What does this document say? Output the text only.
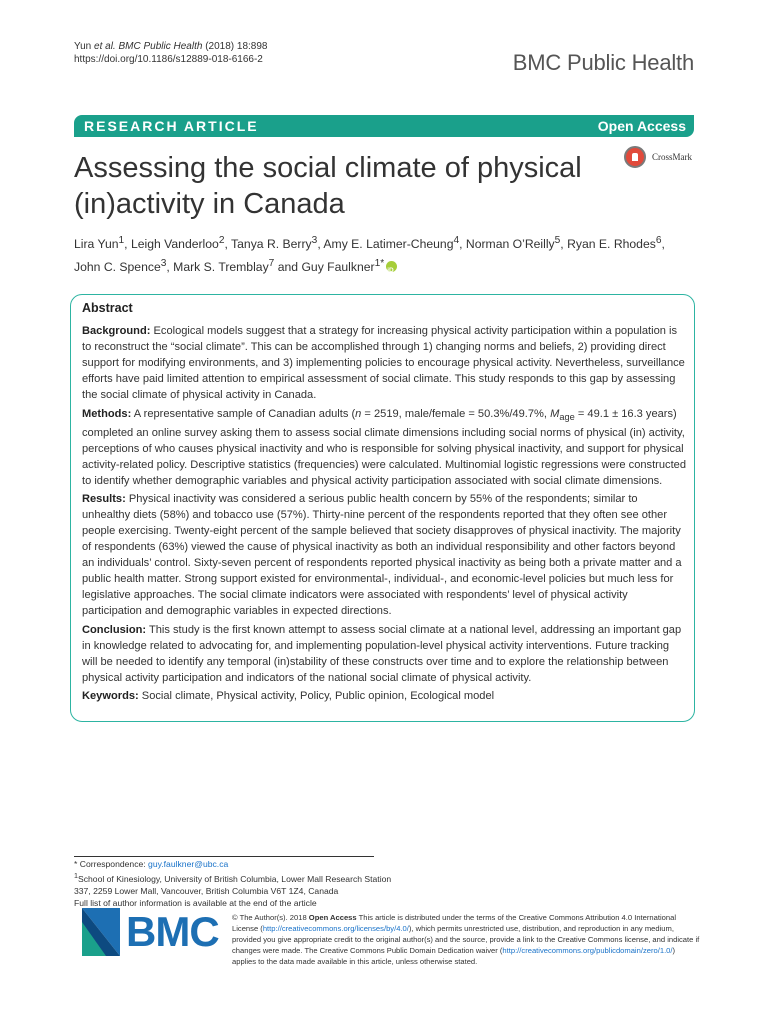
Yun et al. BMC Public Health (2018) 18:898
https://doi.org/10.1186/s12889-018-6166-2	BMC Public Health
RESEARCH ARTICLE	Open Access
CrossMark
Assessing the social climate of physical (in)activity in Canada
Lira Yun$^1$, Leigh Vanderloo$^2$, Tanya R. Berry$^3$, Amy E. Latimer-Cheung$^4$, Norman O’Reilly$^5$, Ryan E. Rhodes$^6$,
John C. Spence$^3$, Mark S. Tremblay$^7$ and Guy Faulkner$^{1*}$iD
Abstract

Background: Ecological models suggest that a strategy for increasing physical activity participation within a population is to reconstruct the “social climate”. This can be accomplished through 1) changing norms and beliefs, 2) providing direct support for modifying environments, and 3) implementing policies to encourage physical activity. Nevertheless, surveillance efforts have paid limited attention to empirical assessment of social climate. This study responds to this gap by assessing the social climate of physical activity in Canada.

Methods: A representative sample of Canadian adults (n = 2519, male/female = 50.3%/49.7%, $M_{age} = 49.1 \pm 16.3$ years) completed an online survey asking them to assess social climate dimensions including social norms of physical (in) activity, perceptions of who causes physical inactivity and who is responsible for solving physical inactivity, and support for physical activity-related policy. Descriptive statistics (frequencies) were calculated. Multinomial logistic regressions were constructed to identify whether demographic variables and physical activity participation associated with social climate dimensions.

Results: Physical inactivity was considered a serious public health concern by 55% of the respondents; similar to unhealthy diets (58%) and tobacco use (57%). Thirty-nine percent of the respondents reported that they often see other people exercising. Twenty-eight percent of the sample believed that society disapproves of physical inactivity. The majority of respondents (63%) viewed the cause of physical inactivity as both an individual responsibility and other factors beyond an individuals’ control. Sixty-seven percent of respondents reported physical inactivity as being both a private matter and a public health matter. Strong support existed for environmental-, individual-, and economic-level policies but much less for legislative approaches. The social climate indicators were associated with respondents’ level of physical activity participation and demographic variables in expected directions.

Conclusion: This study is the first known attempt to assess social climate at a national level, addressing an important gap in knowledge related to advocating for, and implementing population-level physical activity interventions. Future tracking will be needed to identify any temporal (in)stability of these constructs over time and to explore the relationship between physical activity participation and indicators of the national social climate of physical activity.

Keywords: Social climate, Physical activity, Policy, Public opinion, Ecological model

* Correspondence: guy.faulkner@ubc.ca
$^1$School of Kinesiology, University of British Columbia, Lower Mall Research Station 337, 2259 Lower Mall, Vancouver, British Columbia V6T 1Z4, Canada
Full list of author information is available at the end of the article
BMC © The Author(s). 2018 Open Access This article is distributed under the terms of the Creative Commons Attribution 4.0 International License (http://creativecommons.org/licenses/by/4.0/), which permits unrestricted use, distribution, and reproduction in any medium, provided you give appropriate credit to the original author(s) and the source, provide a link to the Creative Commons license, and indicate if changes were made. The Creative Commons Public Domain Dedication waiver (http://creativecommons.org/publicdomain/zero/1.0/) applies to the data made available in this article, unless otherwise stated.
